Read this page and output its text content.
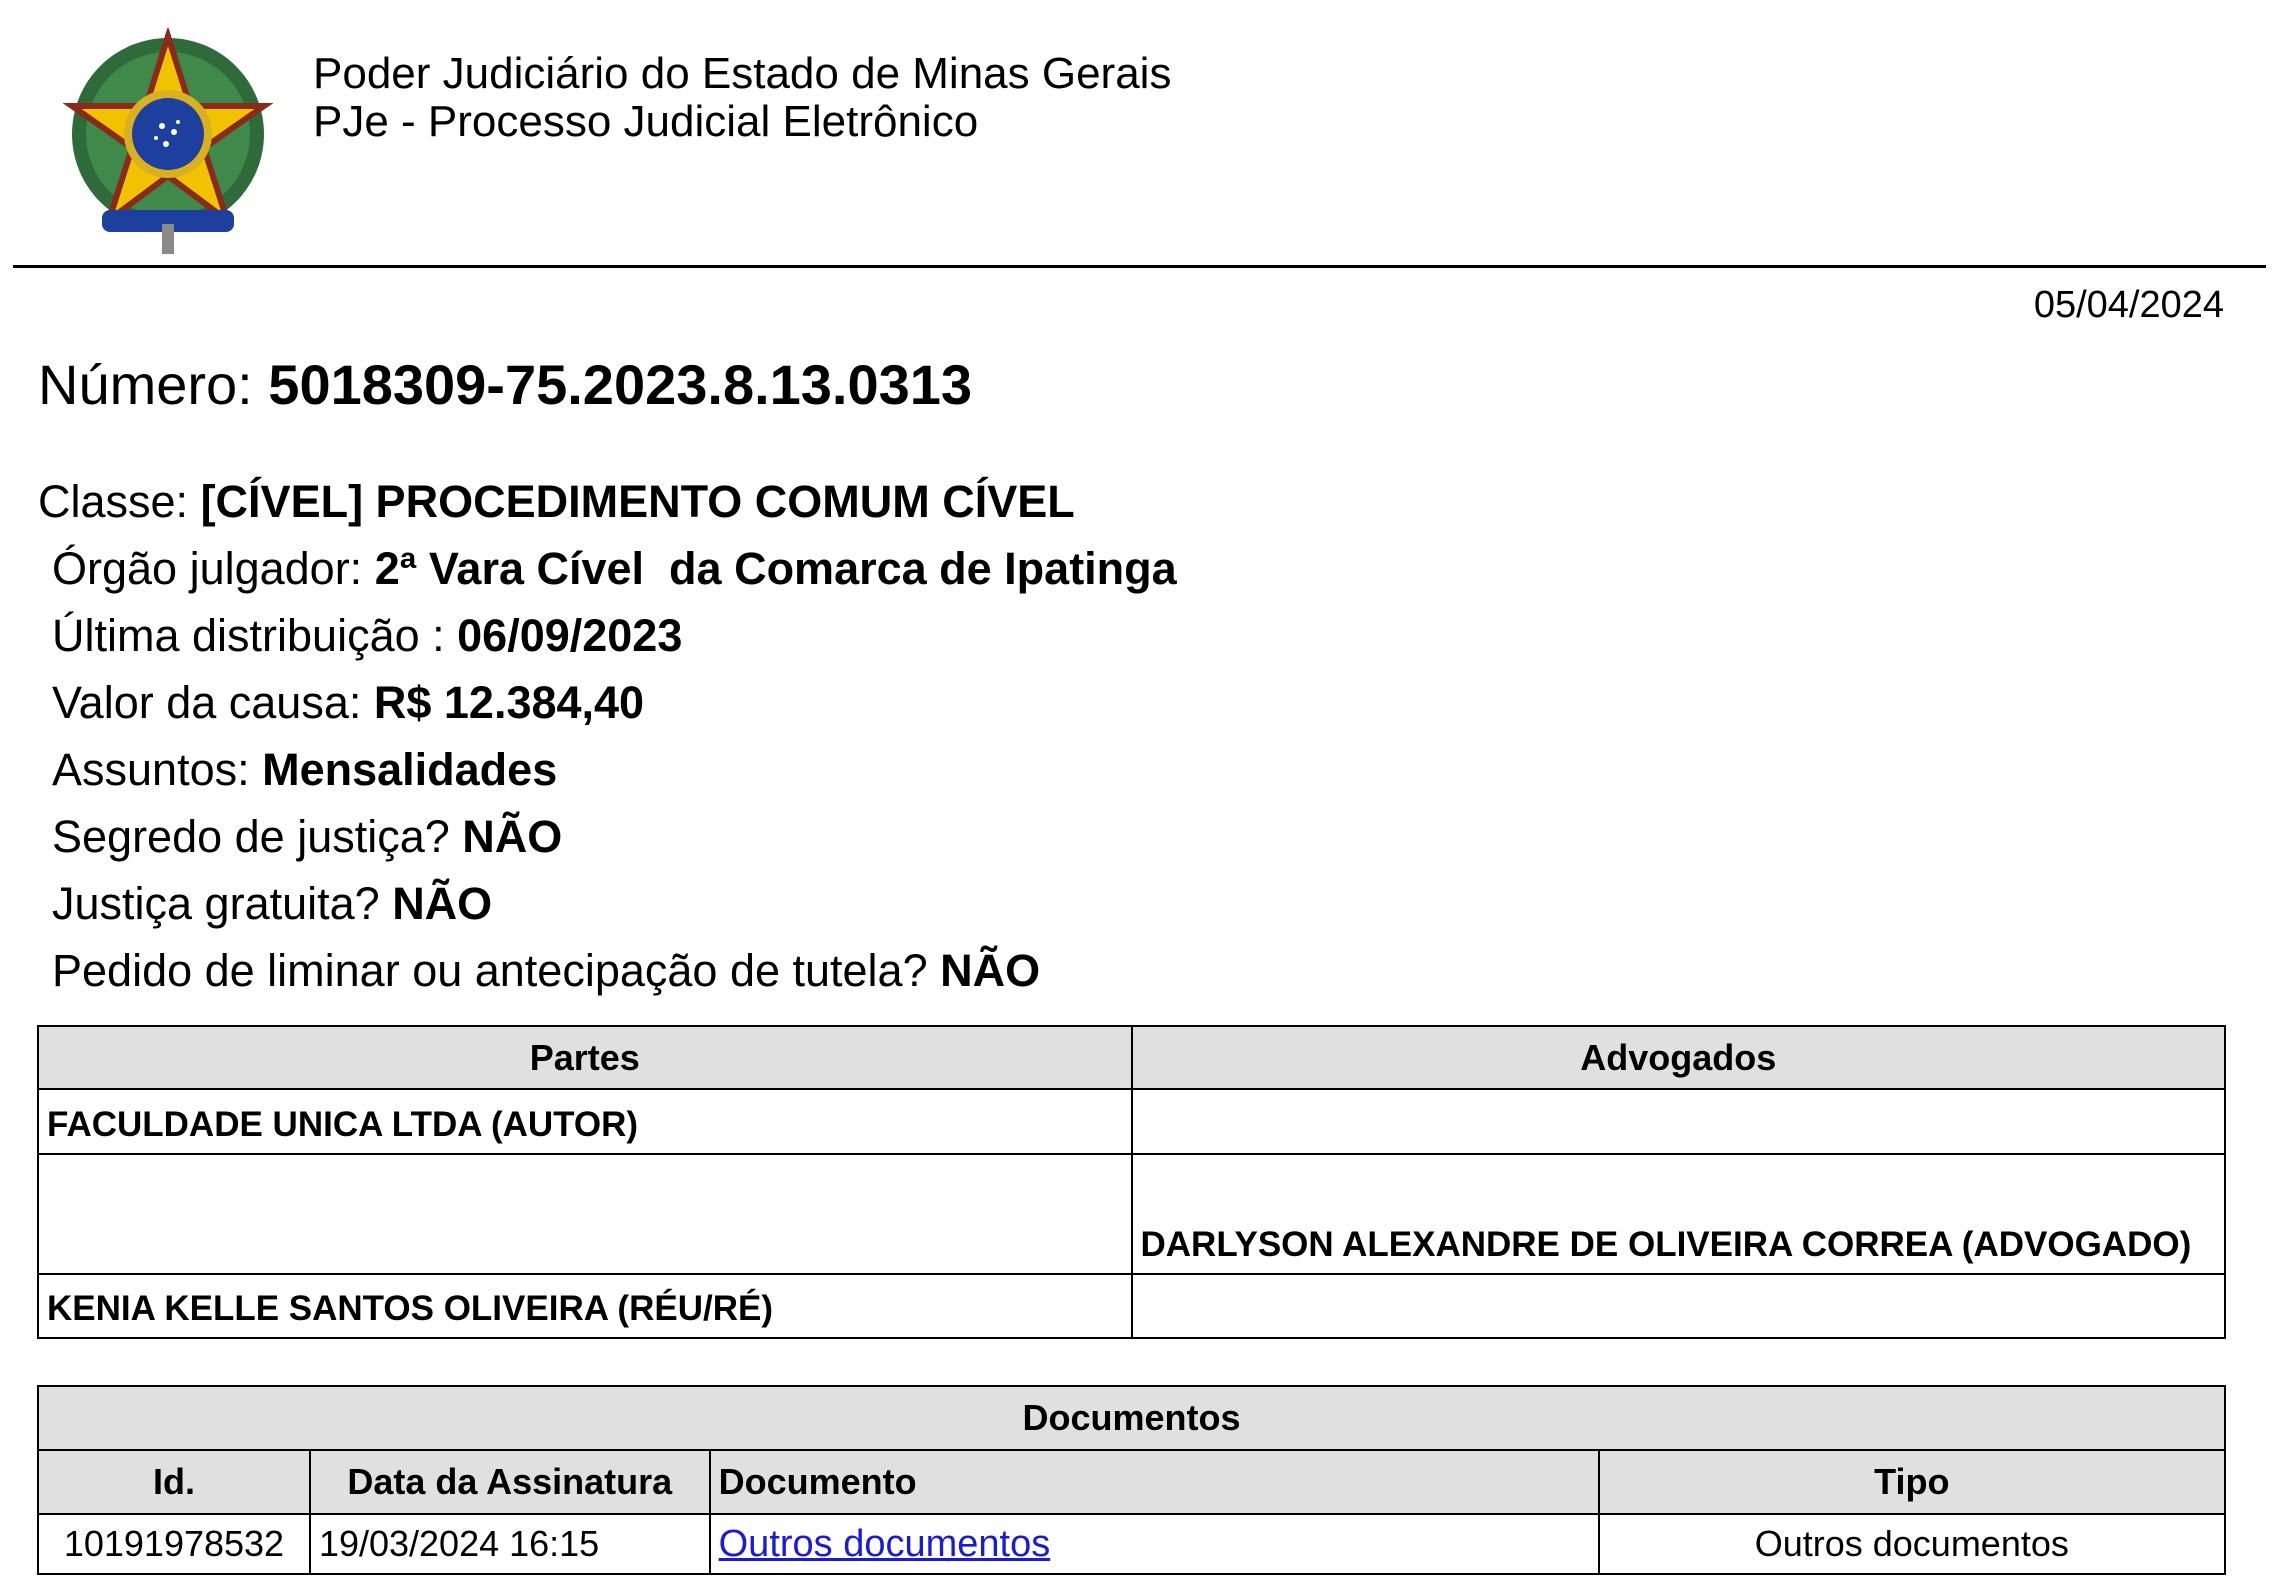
Poder Judiciário do Estado de Minas Gerais
PJe - Processo Judicial Eletrônico
05/04/2024
Número: 5018309-75.2023.8.13.0313
Classe: [CÍVEL] PROCEDIMENTO COMUM CÍVEL
Órgão julgador: 2ª Vara Cível  da Comarca de Ipatinga
Última distribuição : 06/09/2023
Valor da causa: R$ 12.384,40
Assuntos: Mensalidades
Segredo de justiça? NÃO
Justiça gratuita? NÃO
Pedido de liminar ou antecipação de tutela? NÃO
Partes	Advogados
FACULDADE UNICA LTDA (AUTOR)	
	DARLYSON ALEXANDRE DE OLIVEIRA CORREA (ADVOGADO)
KENIA KELLE SANTOS OLIVEIRA (RÉU/RÉ)	
Documentos			
Id.	Data da Assinatura	Documento	Tipo
10191978532	19/03/2024 16:15	Outros documentos	Outros documentos
